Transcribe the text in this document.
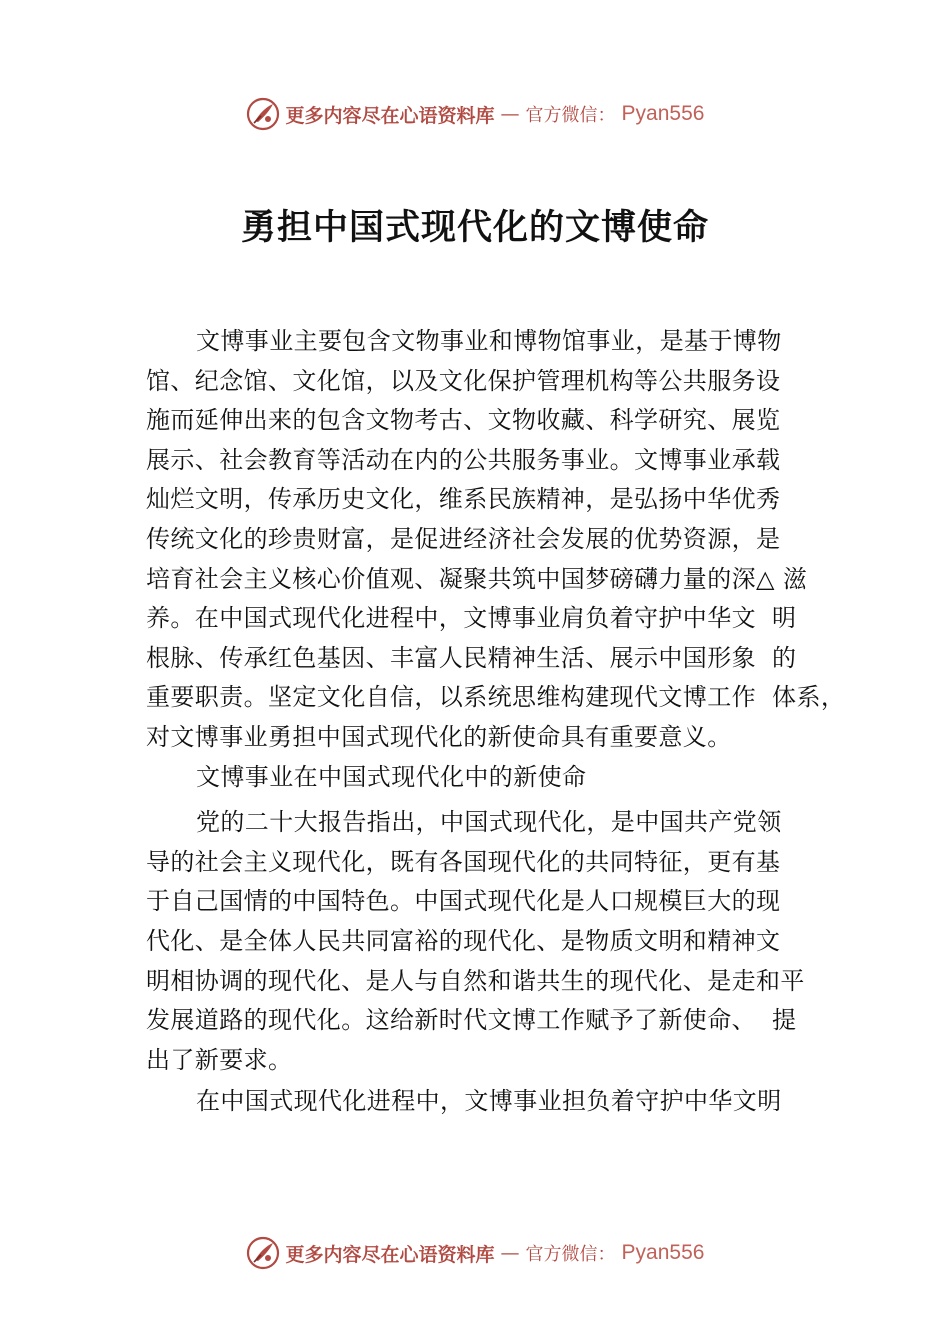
更多内容尽在心语资料库 — 官方微信： Pyan556
勇担中国式现代化的文博使命
文博事业主要包含文物事业和博物馆事业，是基于博物
馆、纪念馆、文化馆，以及文化保护管理机构等公共服务设
施而延伸出来的包含文物考古、文物收藏、科学研究、展览
展示、社会教育等活动在内的公共服务事业。文博事业承载
灿烂文明，传承历史文化，维系民族精神，是弘扬中华优秀
传统文化的珍贵财富，是促进经济社会发展的优势资源，是
培育社会主义核心价值观、凝聚共筑中国梦磅礴力量的深△ 滋
养。在中国式现代化进程中，文博事业肩负着守护中华文  明
根脉、传承红色基因、丰富人民精神生活、展示中国形象  的
重要职责。坚定文化自信，以系统思维构建现代文博工作  体系，
对文博事业勇担中国式现代化的新使命具有重要意义。
文博事业在中国式现代化中的新使命
党的二十大报告指出，中国式现代化，是中国共产党领
导的社会主义现代化，既有各国现代化的共同特征，更有基
于自己国情的中国特色。中国式现代化是人口规模巨大的现
代化、是全体人民共同富裕的现代化、是物质文明和精神文
明相协调的现代化、是人与自然和谐共生的现代化、是走和平
发展道路的现代化。这给新时代文博工作赋予了新使命、  提
出了新要求。
在中国式现代化进程中，文博事业担负着守护中华文明
更多内容尽在心语资料库 — 官方微信： Pyan556
